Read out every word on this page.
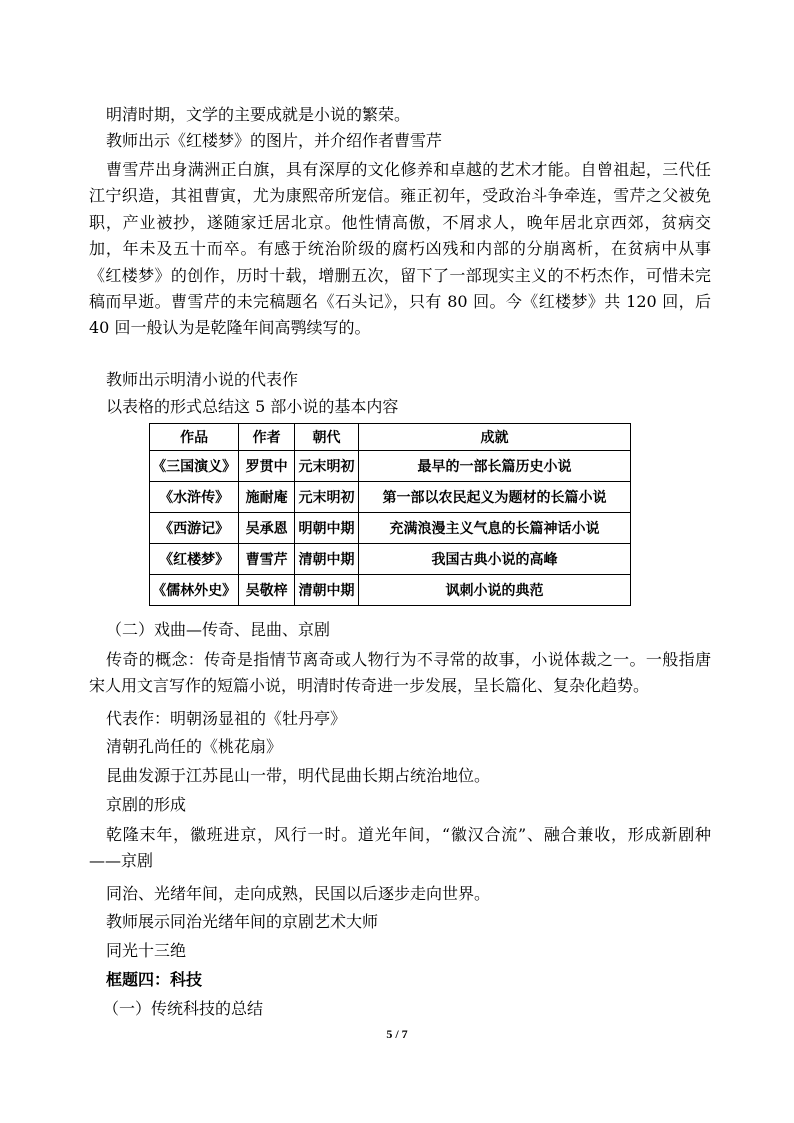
明清时期，文学的主要成就是小说的繁荣。
教师出示《红楼梦》的图片，并介绍作者曹雪芹
曹雪芹出身满洲正白旗，具有深厚的文化修养和卓越的艺术才能。自曾祖起，三代任江宁织造，其祖曹寅，尤为康熙帝所宠信。雍正初年，受政治斗争牵连，雪芹之父被免职，产业被抄，遂随家迁居北京。他性情高傲，不屑求人，晚年居北京西郊，贫病交加，年未及五十而卒。有感于统治阶级的腐朽凶残和内部的分崩离析，在贫病中从事《红楼梦》的创作，历时十载，增删五次，留下了一部现实主义的不朽杰作，可惜未完稿而早逝。曹雪芹的未完稿题名《石头记》，只有 80 回。今《红楼梦》共 120 回，后 40 回一般认为是乾隆年间高鹗续写的。
教师出示明清小说的代表作
以表格的形式总结这 5 部小说的基本内容
作品	作者	朝代	成就
《三国演义》	罗贯中	元末明初	最早的一部长篇历史小说
《水浒传》	施耐庵	元末明初	第一部以农民起义为题材的长篇小说
《西游记》	吴承恩	明朝中期	充满浪漫主义气息的长篇神话小说
《红楼梦》	曹雪芹	清朝中期	我国古典小说的高峰
《儒林外史》	吴敬梓	清朝中期	讽刺小说的典范
（二）戏曲—传奇、昆曲、京剧
传奇的概念：传奇是指情节离奇或人物行为不寻常的故事，小说体裁之一。一般指唐宋人用文言写作的短篇小说，明清时传奇进一步发展，呈长篇化、复杂化趋势。
代表作：明朝汤显祖的《牡丹亭》
清朝孔尚任的《桃花扇》
昆曲发源于江苏昆山一带，明代昆曲长期占统治地位。
京剧的形成
乾隆末年，徽班进京，风行一时。道光年间，“徽汉合流”、融合兼收，形成新剧种——京剧
同治、光绪年间，走向成熟，民国以后逐步走向世界。
教师展示同治光绪年间的京剧艺术大师
同光十三绝
框题四：科技
（一）传统科技的总结
5 / 7
